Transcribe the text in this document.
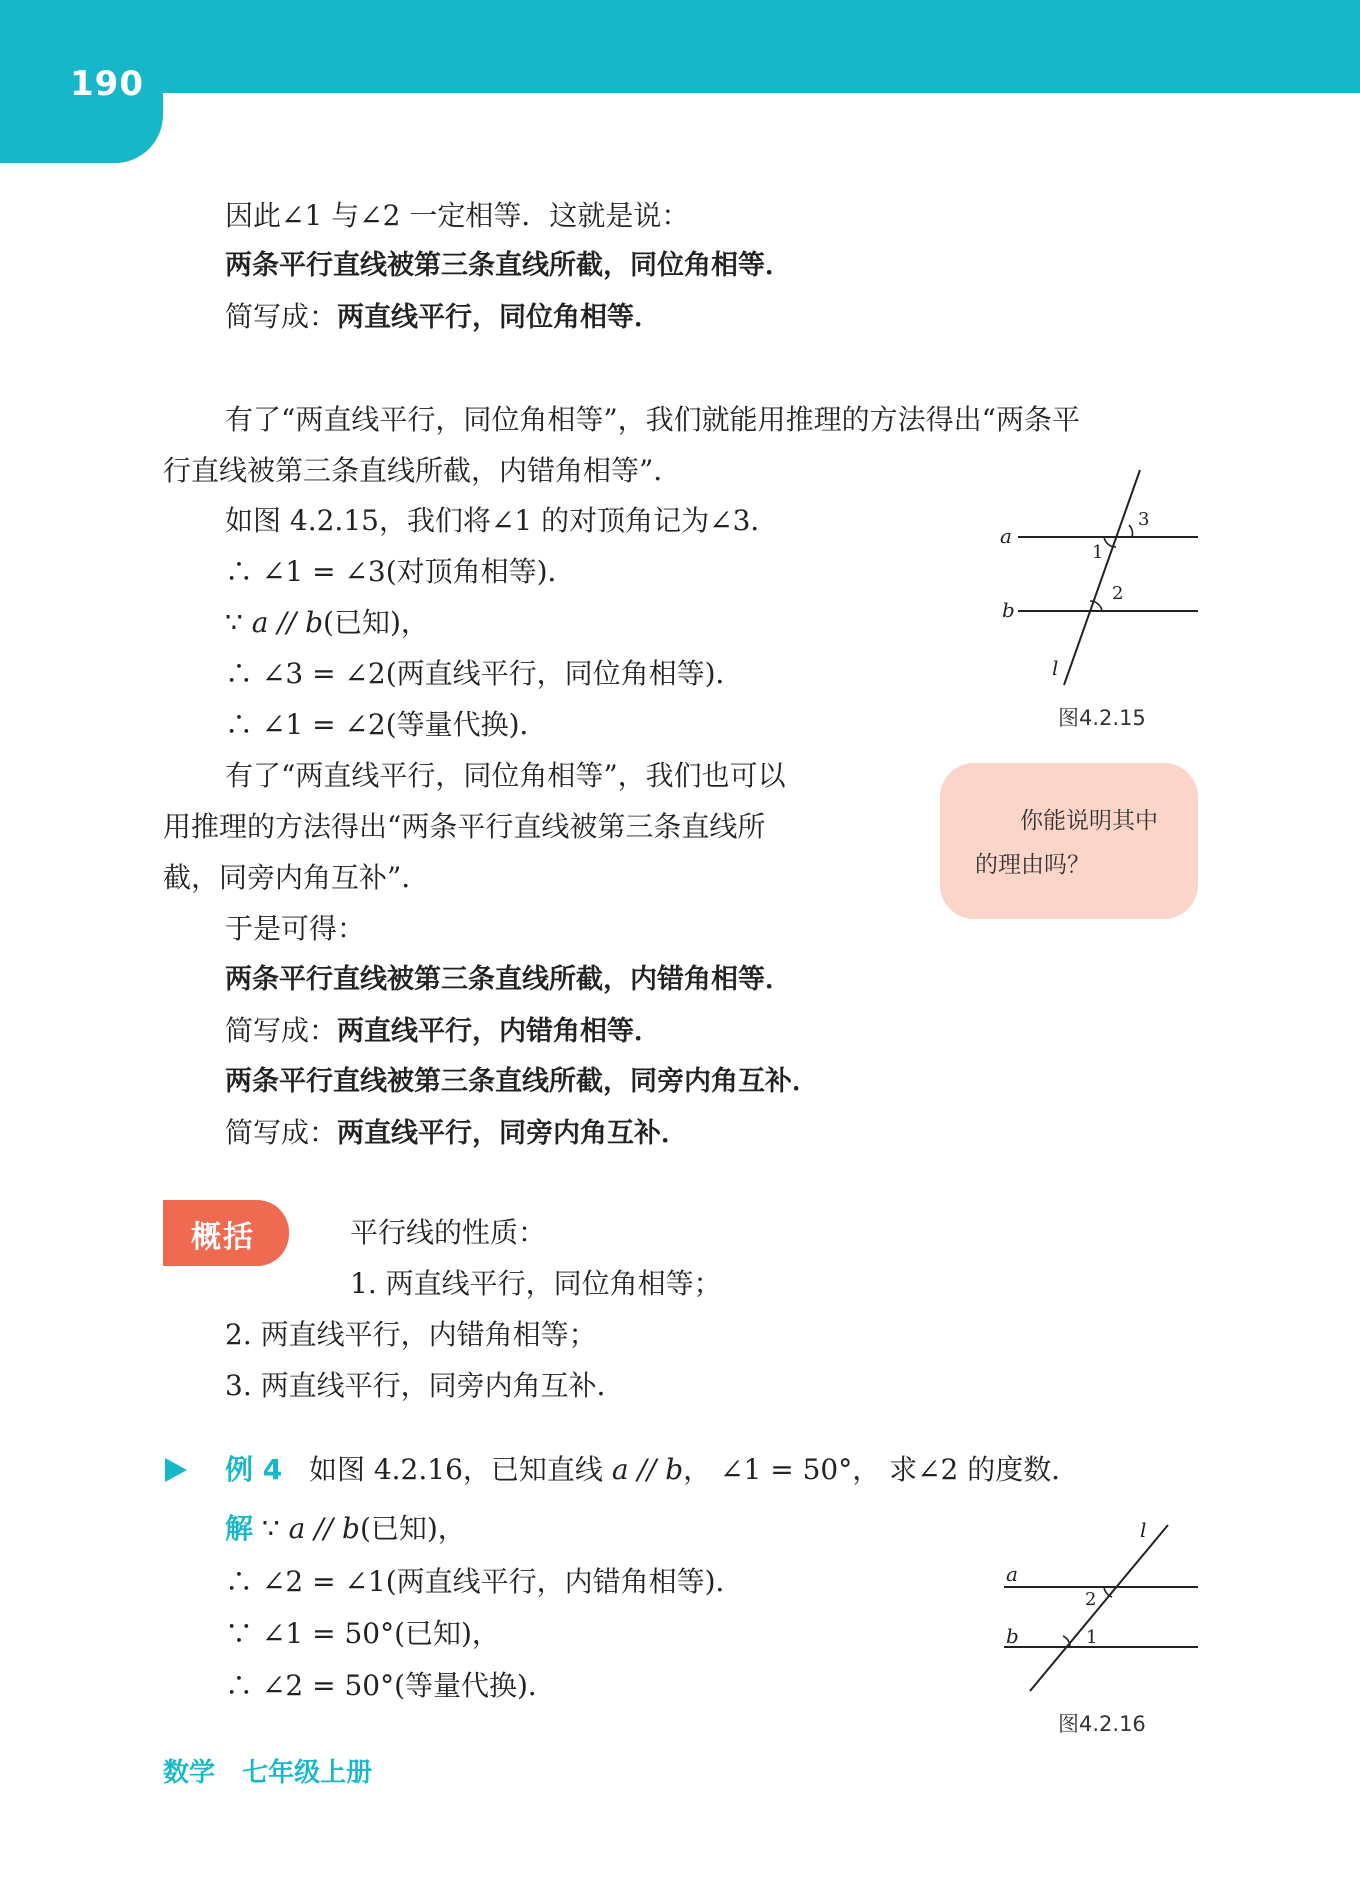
190
因此∠1 与∠2 一定相等．这就是说：
两条平行直线被第三条直线所截，同位角相等．
简写成：两直线平行，同位角相等．
有了“两直线平行，同位角相等”，我们就能用推理的方法得出“两条平
行直线被第三条直线所截，内错角相等”．
如图 4.2.15，我们将∠1 的对顶角记为∠3．
∴ ∠1 = ∠3(对顶角相等)．
∵ a // b(已知)，
∴ ∠3 = ∠2(两直线平行，同位角相等)．
∴ ∠1 = ∠2(等量代换)．
有了“两直线平行，同位角相等”，我们也可以
用推理的方法得出“两条平行直线被第三条直线所
截，同旁内角互补”．
于是可得：
两条平行直线被第三条直线所截，内错角相等．
简写成：两直线平行，内错角相等．
两条平行直线被第三条直线所截，同旁内角互补．
简写成：两直线平行，同旁内角互补．
a
b
l
1
2
3
图4.2.15
你能说明其中
的理由吗？
概括	平行线的性质：
1. 两直线平行，同位角相等；
2. 两直线平行，内错角相等；
3. 两直线平行，同旁内角互补．
例 4 如图 4.2.16，已知直线 a // b， ∠1 = 50°， 求∠2 的度数．
解 ∵ a // b(已知)，
∴ ∠2 = ∠1(两直线平行，内错角相等)．
∵ ∠1 = 50°(已知)，
∴ ∠2 = 50°(等量代换)．
a
b
l
2
1
图4.2.16
数学 七年级上册
